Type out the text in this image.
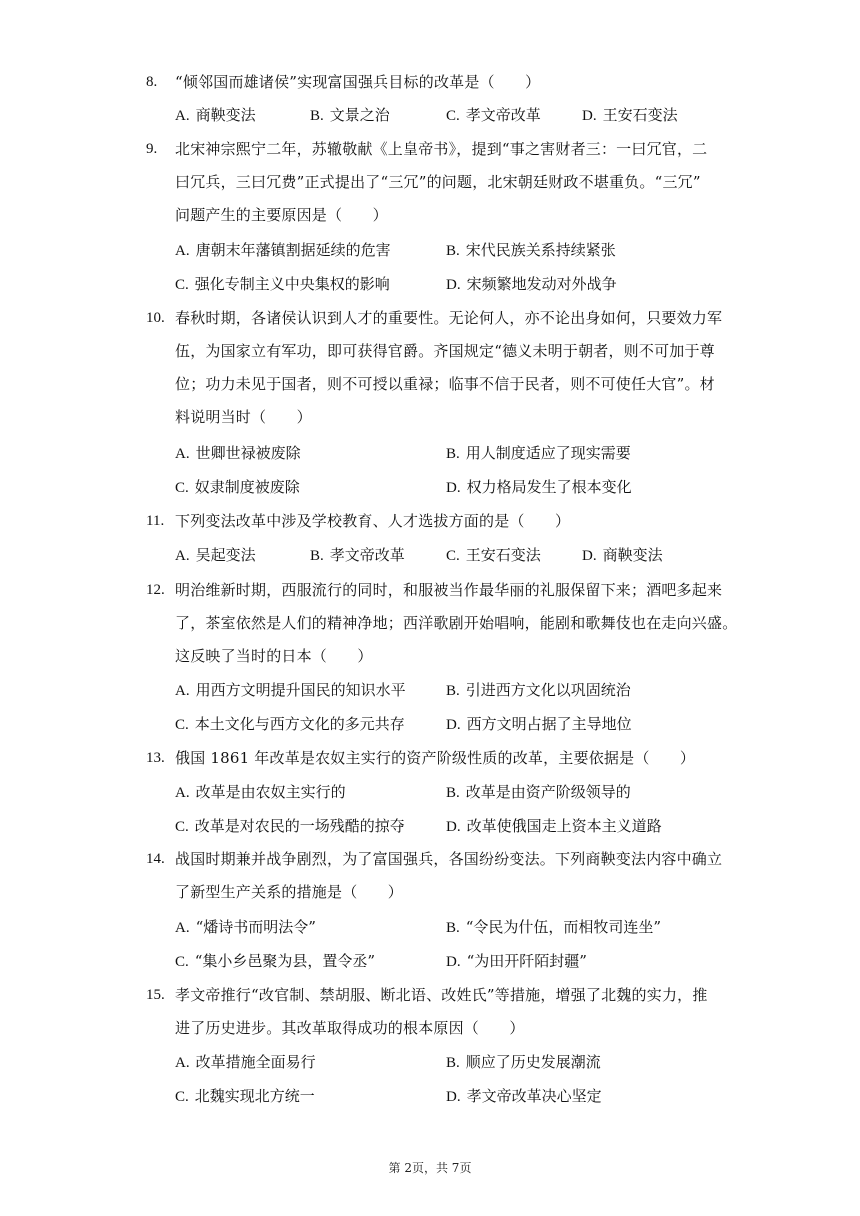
8. “倾邻国而雄诸侯”实现富国强兵目标的改革是（　　）
A. 商鞅变法	B. 文景之治	C. 孝文帝改革	D. 王安石变法
9. 北宋神宗熙宁二年，苏辙敬献《上皇帝书》，提到“事之害财者三：一曰冗官，二
曰冗兵，三曰冗费”正式提出了“三冗”的问题，北宋朝廷财政不堪重负。“三冗”
问题产生的主要原因是（　　）
A. 唐朝末年藩镇割据延续的危害	B. 宋代民族关系持续紧张
C. 强化专制主义中央集权的影响	D. 宋频繁地发动对外战争
10. 春秋时期，各诸侯认识到人才的重要性。无论何人，亦不论出身如何，只要效力军
伍，为国家立有军功，即可获得官爵。齐国规定“德义未明于朝者，则不可加于尊
位；功力未见于国者，则不可授以重禄；临事不信于民者，则不可使任大官”。材
料说明当时（　　）
A. 世卿世禄被废除	B. 用人制度适应了现实需要
C. 奴隶制度被废除	D. 权力格局发生了根本变化
11. 下列变法改革中涉及学校教育、人才选拔方面的是（　　）
A. 吴起变法	B. 孝文帝改革	C. 王安石变法	D. 商鞅变法
12. 明治维新时期，西服流行的同时，和服被当作最华丽的礼服保留下来；酒吧多起来
了，茶室依然是人们的精神净地；西洋歌剧开始唱响，能剧和歌舞伎也在走向兴盛。
这反映了当时的日本（　　）
A. 用西方文明提升国民的知识水平	B. 引进西方文化以巩固统治
C. 本土文化与西方文化的多元共存	D. 西方文明占据了主导地位
13. 俄国 1861 年改革是农奴主实行的资产阶级性质的改革，主要依据是（　　）
A. 改革是由农奴主实行的	B. 改革是由资产阶级领导的
C. 改革是对农民的一场残酷的掠夺	D. 改革使俄国走上资本主义道路
14. 战国时期兼并战争剧烈，为了富国强兵，各国纷纷变法。下列商鞅变法内容中确立
了新型生产关系的措施是（　　）
A. “燔诗书而明法令”	B. “令民为什伍，而相牧司连坐”
C. “集小乡邑聚为县，置令丞”	D. “为田开阡陌封疆”
15. 孝文帝推行“改官制、禁胡服、断北语、改姓氏”等措施，增强了北魏的实力，推
进了历史进步。其改革取得成功的根本原因（　　）
A. 改革措施全面易行	B. 顺应了历史发展潮流
C. 北魏实现北方统一	D. 孝文帝改革决心坚定
第 2页，共 7页
